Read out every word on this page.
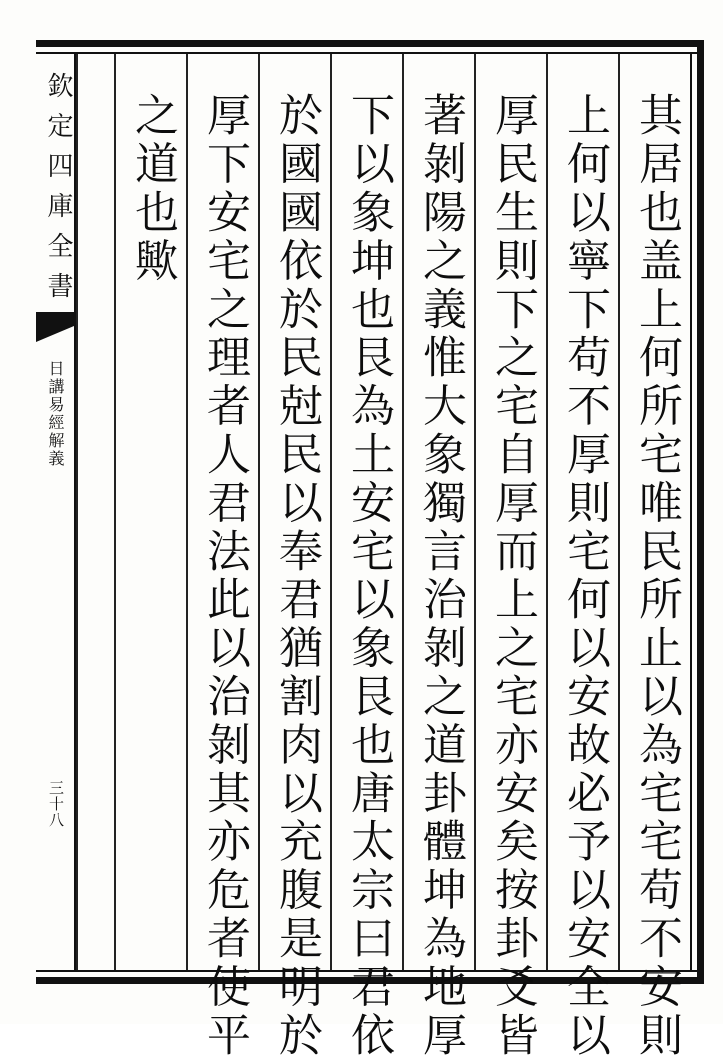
欽定四庫全書
日講易經解義
三十八	其居也盖上何所宅唯民所止以為宅宅苟不安則
上何以寧下苟不厚則宅何以安故必予以安全以
厚民生則下之宅自厚而上之宅亦安矣按卦爻皆
著剝陽之義惟大象獨言治剝之道卦體坤為地厚
下以象坤也艮為土安宅以象艮也唐太宗曰君依
於國國依於民尅民以奉君猶割肉以充腹是明於
厚下安宅之理者人君法此以治剝其亦危者使平
之道也歟
